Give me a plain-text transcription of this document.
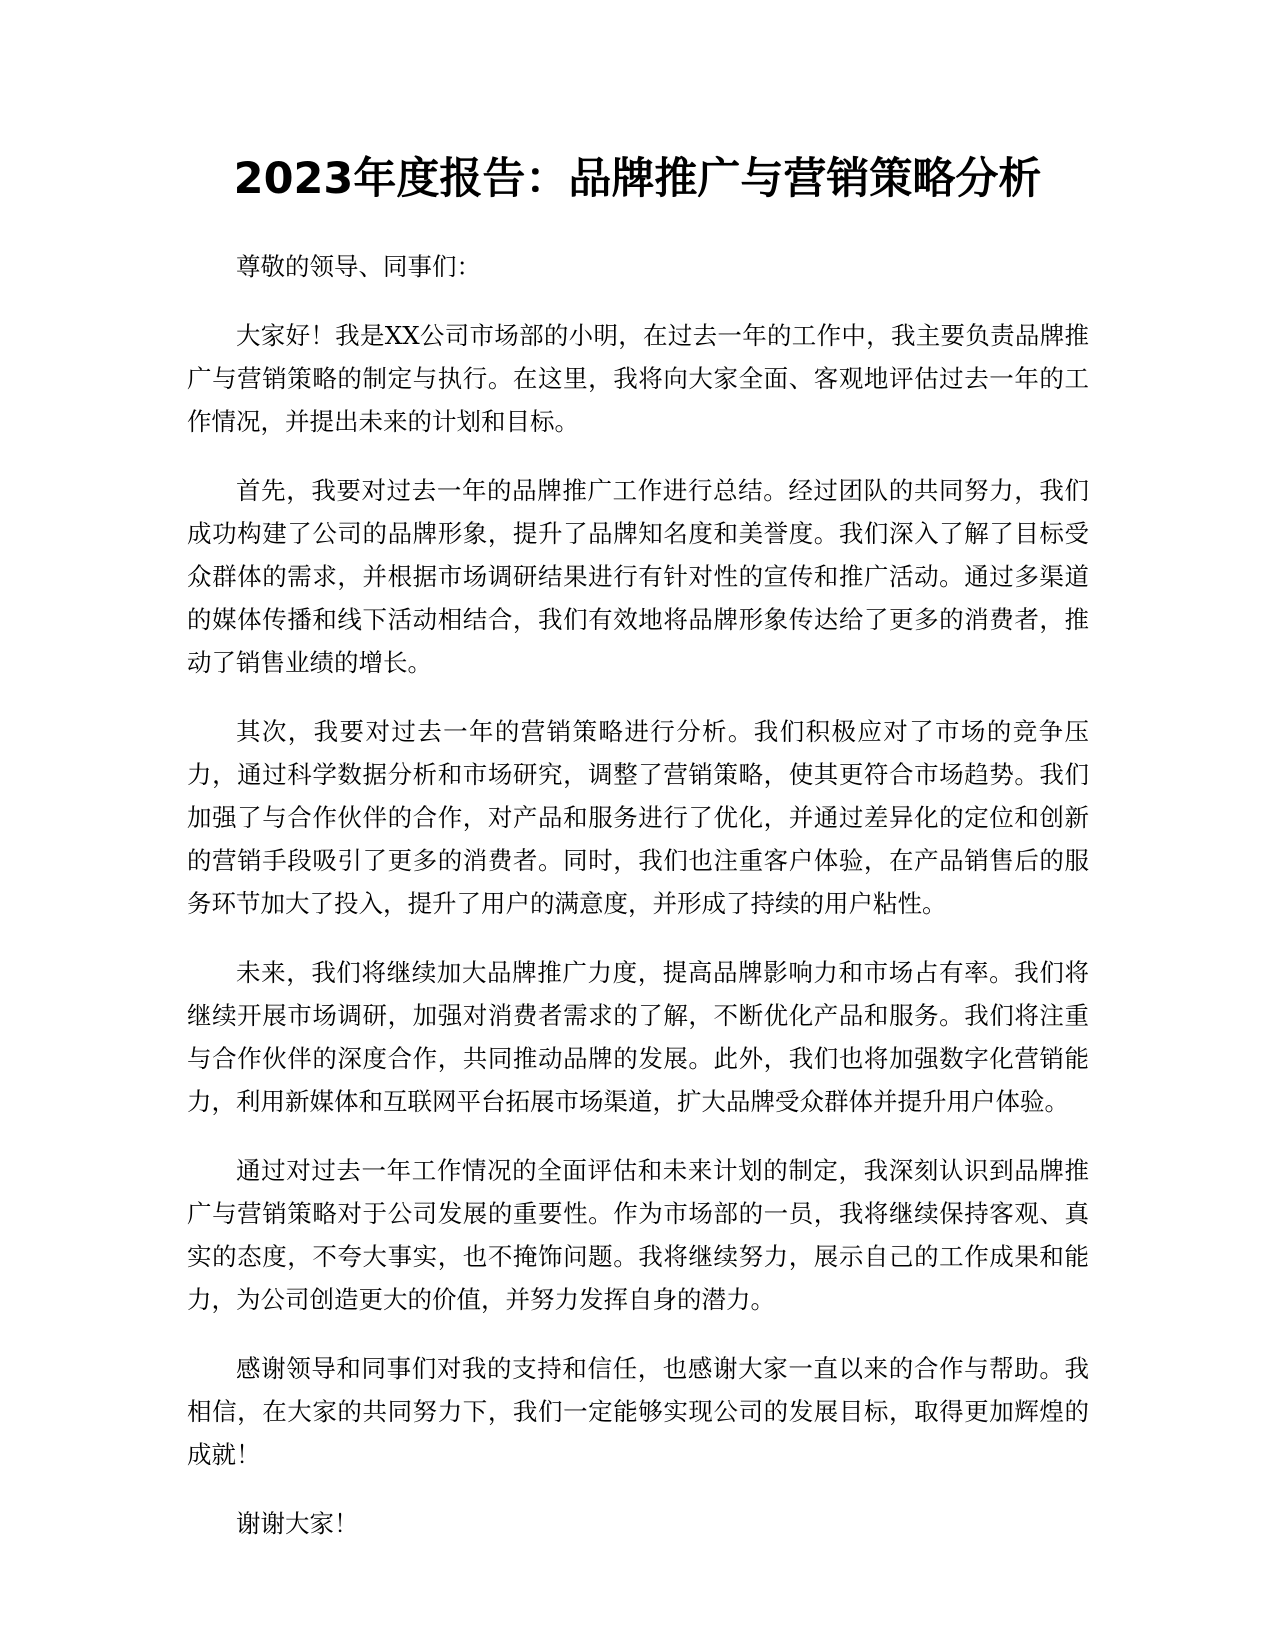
2023年度报告：品牌推广与营销策略分析

尊敬的领导、同事们：

大家好！我是XX公司市场部的小明，在过去一年的工作中，我主要负责品牌推广与营销策略的制定与执行。在这里，我将向大家全面、客观地评估过去一年的工作情况，并提出未来的计划和目标。

首先，我要对过去一年的品牌推广工作进行总结。经过团队的共同努力，我们成功构建了公司的品牌形象，提升了品牌知名度和美誉度。我们深入了解了目标受众群体的需求，并根据市场调研结果进行有针对性的宣传和推广活动。通过多渠道的媒体传播和线下活动相结合，我们有效地将品牌形象传达给了更多的消费者，推动了销售业绩的增长。

其次，我要对过去一年的营销策略进行分析。我们积极应对了市场的竞争压力，通过科学数据分析和市场研究，调整了营销策略，使其更符合市场趋势。我们加强了与合作伙伴的合作，对产品和服务进行了优化，并通过差异化的定位和创新的营销手段吸引了更多的消费者。同时，我们也注重客户体验，在产品销售后的服务环节加大了投入，提升了用户的满意度，并形成了持续的用户粘性。

未来，我们将继续加大品牌推广力度，提高品牌影响力和市场占有率。我们将继续开展市场调研，加强对消费者需求的了解，不断优化产品和服务。我们将注重与合作伙伴的深度合作，共同推动品牌的发展。此外，我们也将加强数字化营销能力，利用新媒体和互联网平台拓展市场渠道，扩大品牌受众群体并提升用户体验。

通过对过去一年工作情况的全面评估和未来计划的制定，我深刻认识到品牌推广与营销策略对于公司发展的重要性。作为市场部的一员，我将继续保持客观、真实的态度，不夸大事实，也不掩饰问题。我将继续努力，展示自己的工作成果和能力，为公司创造更大的价值，并努力发挥自身的潜力。

感谢领导和同事们对我的支持和信任，也感谢大家一直以来的合作与帮助。我相信，在大家的共同努力下，我们一定能够实现公司的发展目标，取得更加辉煌的成就！

谢谢大家！
